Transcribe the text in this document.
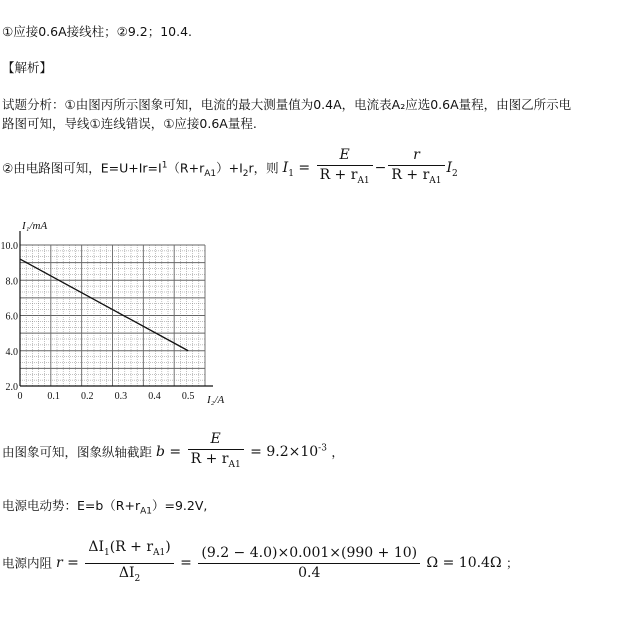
①应接0.6A接线柱；②9.2；10.4.
【解析】
试题分析：①由图丙所示图象可知，电流的最大测量值为0.4A，电流表A₂应选0.6A量程，由图乙所示电
路图可知，导线①连线错误，①应接0.6A量程.
②由电路图可知，$E=U+Ir=I^1(R+r_{A1})+I_2r$，则 $I_1 = \frac{E}{R + r_{A1}} - \frac{r}{R + r_{A1}} I_2$
0 0.1 0.2 0.3 0.4 0.5
2.0
4.0
6.0
8.0
10.0
I₁/mA
I₂/A
由图象可知，图象纵轴截距 $b = \frac{E}{R + r_{A1}} = 9.2\times 10^{-3}$ ，
电源电动势：$E=b(R+r_{A1})=9.2V$,
电源内阻 $r = \frac{\Delta I_1(R + r_{A1})}{\Delta I_2} = \frac{(9.2 - 4.0)\times 0.001\times(990 + 10)}{0.4}$ Ω = 10.4Ω ；
